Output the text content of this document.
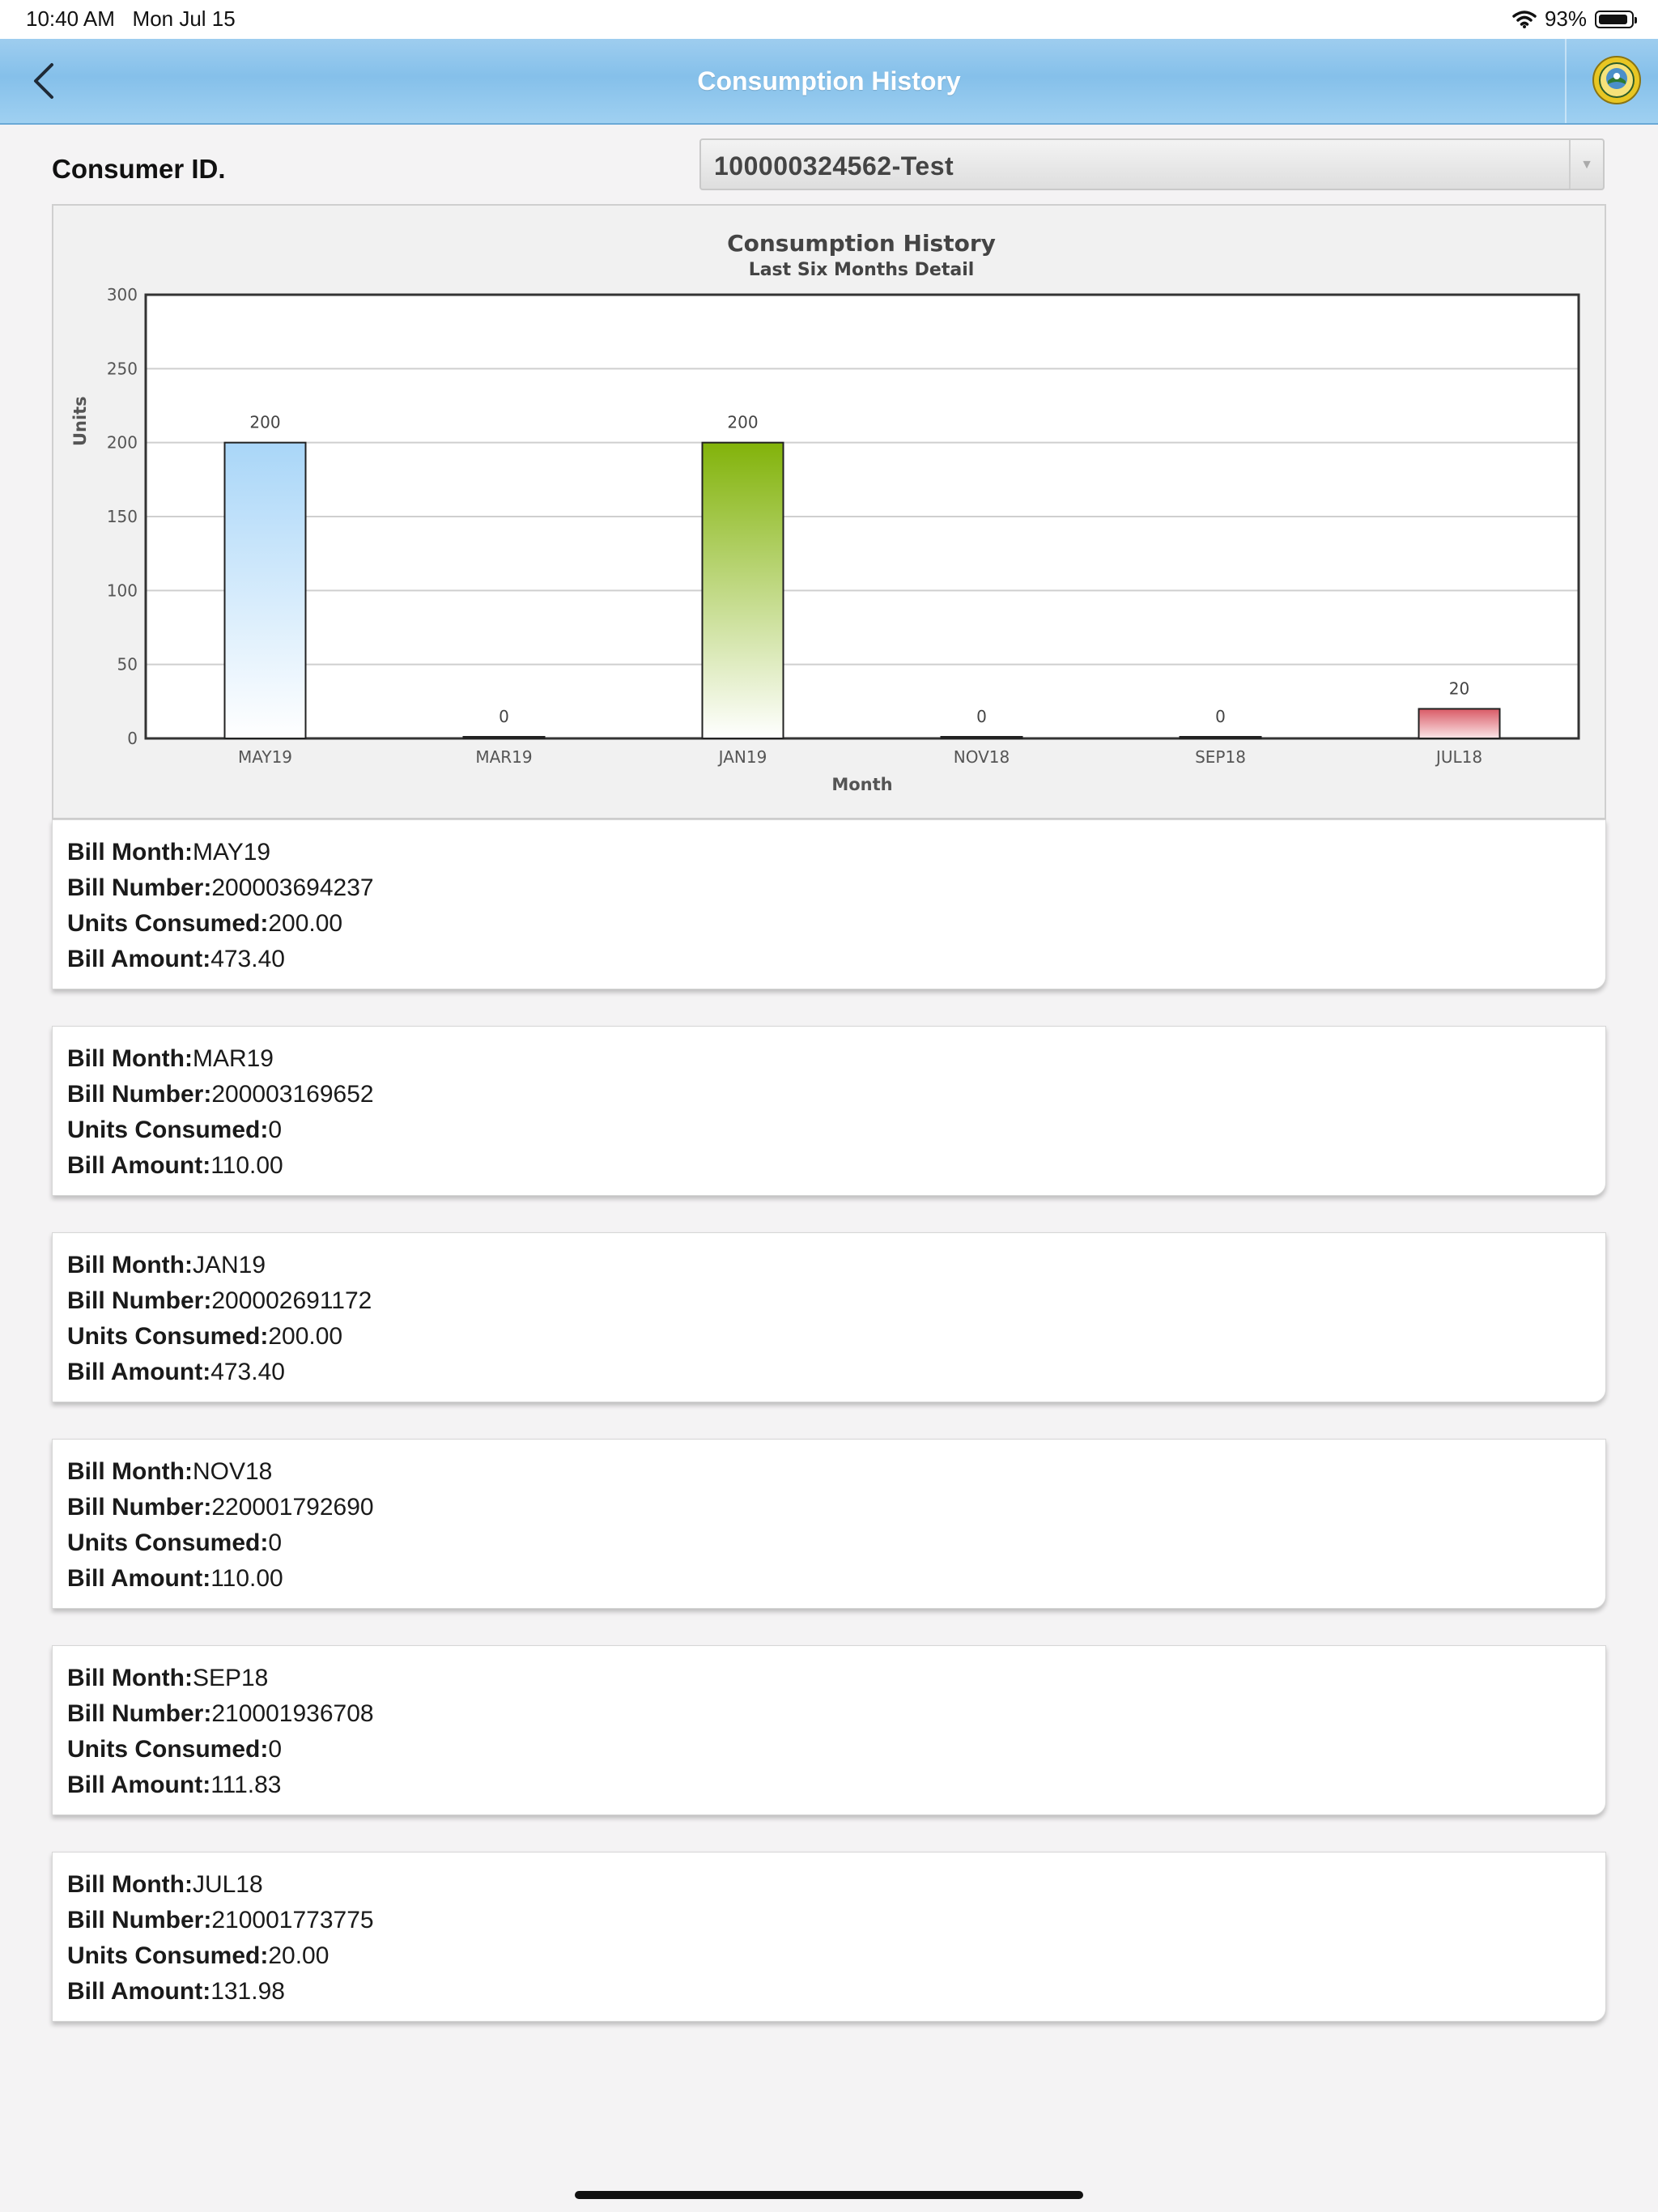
10:40 AM Mon Jul 15	93%
Consumption History
Consumer ID.	100000324562-Test	▼
Consumption History
Last Six Months Detail
0
50
100
150
200
250
300
200
MAY19
0
MAR19
200
JAN19
0
NOV18
0
SEP18
20
JUL18
Month
Units
Bill Month:MAY19
Bill Number:200003694237
Units Consumed:200.00
Bill Amount:473.40
Bill Month:MAR19
Bill Number:200003169652
Units Consumed:0
Bill Amount:110.00
Bill Month:JAN19
Bill Number:200002691172
Units Consumed:200.00
Bill Amount:473.40
Bill Month:NOV18
Bill Number:220001792690
Units Consumed:0
Bill Amount:110.00
Bill Month:SEP18
Bill Number:210001936708
Units Consumed:0
Bill Amount:111.83
Bill Month:JUL18
Bill Number:210001773775
Units Consumed:20.00
Bill Amount:131.98
